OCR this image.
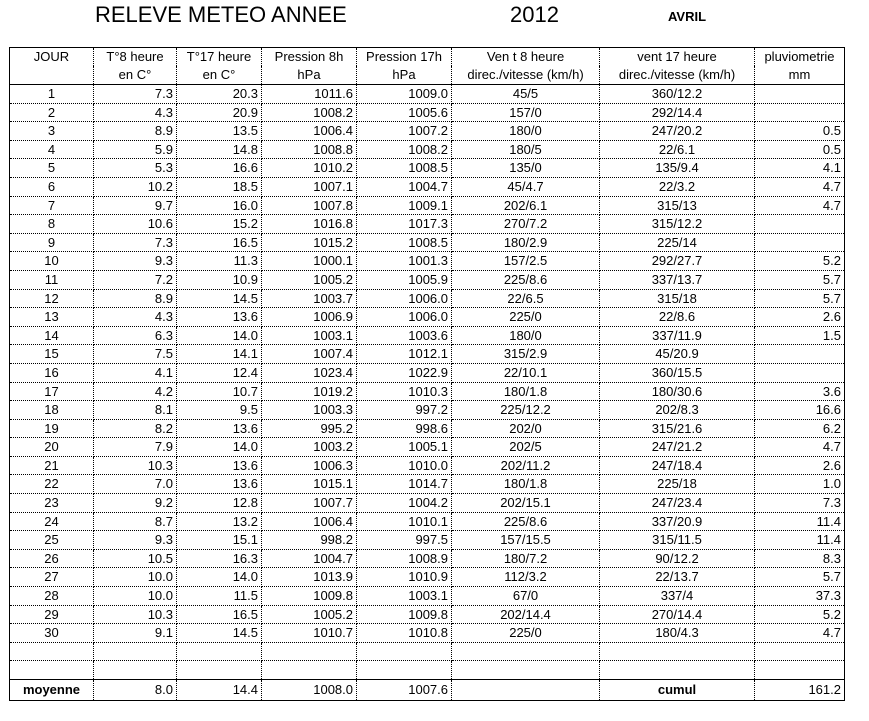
RELEVE METEO ANNEE	2012	AVRIL
JOUR	T°8 heure	T°17 heure	Pression 8h	Pression 17h	Ven t 8 heure	vent 17 heure	pluviometrie
	en C°	en C°	hPa	hPa	direc./vitesse (km/h)	direc./vitesse (km/h)	mm
1	7.3	20.3	1011.6	1009.0	45/5	360/12.2	
2	4.3	20.9	1008.2	1005.6	157/0	292/14.4	
3	8.9	13.5	1006.4	1007.2	180/0	247/20.2	0.5
4	5.9	14.8	1008.8	1008.2	180/5	22/6.1	0.5
5	5.3	16.6	1010.2	1008.5	135/0	135/9.4	4.1
6	10.2	18.5	1007.1	1004.7	45/4.7	22/3.2	4.7
7	9.7	16.0	1007.8	1009.1	202/6.1	315/13	4.7
8	10.6	15.2	1016.8	1017.3	270/7.2	315/12.2	
9	7.3	16.5	1015.2	1008.5	180/2.9	225/14	
10	9.3	11.3	1000.1	1001.3	157/2.5	292/27.7	5.2
11	7.2	10.9	1005.2	1005.9	225/8.6	337/13.7	5.7
12	8.9	14.5	1003.7	1006.0	22/6.5	315/18	5.7
13	4.3	13.6	1006.9	1006.0	225/0	22/8.6	2.6
14	6.3	14.0	1003.1	1003.6	180/0	337/11.9	1.5
15	7.5	14.1	1007.4	1012.1	315/2.9	45/20.9	
16	4.1	12.4	1023.4	1022.9	22/10.1	360/15.5	
17	4.2	10.7	1019.2	1010.3	180/1.8	180/30.6	3.6
18	8.1	9.5	1003.3	997.2	225/12.2	202/8.3	16.6
19	8.2	13.6	995.2	998.6	202/0	315/21.6	6.2
20	7.9	14.0	1003.2	1005.1	202/5	247/21.2	4.7
21	10.3	13.6	1006.3	1010.0	202/11.2	247/18.4	2.6
22	7.0	13.6	1015.1	1014.7	180/1.8	225/18	1.0
23	9.2	12.8	1007.7	1004.2	202/15.1	247/23.4	7.3
24	8.7	13.2	1006.4	1010.1	225/8.6	337/20.9	11.4
25	9.3	15.1	998.2	997.5	157/15.5	315/11.5	11.4
26	10.5	16.3	1004.7	1008.9	180/7.2	90/12.2	8.3
27	10.0	14.0	1013.9	1010.9	112/3.2	22/13.7	5.7
28	10.0	11.5	1009.8	1003.1	67/0	337/4	37.3
29	10.3	16.5	1005.2	1009.8	202/14.4	270/14.4	5.2
30	9.1	14.5	1010.7	1010.8	225/0	180/4.3	4.7

moyenne	8.0	14.4	1008.0	1007.6		cumul	161.2
